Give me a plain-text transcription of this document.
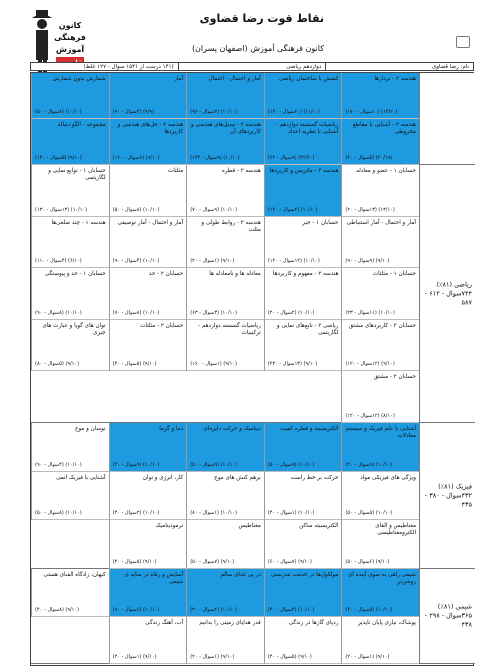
کانون
فرهنگی
آموزش
نقاط قوت رضا قضاوی
کانون فرهنگی آموزش (اصفهان پسران)
نام: رضا قضاوی
دوازدهم ریاضی
(۱۴۱ درست از ۱۵۴۱ سوال - ۱۲۷ غلط)
هندسه ۲ - بردارها
(۱۴/۲۰) (۱۰سوال - ۱۷۰)
کشش با ساختمان ریاضی
(۱۱/۱۰) (۲۰سوال - ۱۲۰)
آمار و احتمال - احتمال
(۱۰/۱۰) (۲سوال - ۹۶)
آمار
(۹/۹) (۴سوال - ۹۰)
شمارش بدون شمارش
(۱۰/۱۰) (۸سوال - ۵۰)
هندسه ۳ - آشنایی با مقاطع مخروطی
(۲۰/۱۹) (۵سوال - ۴۰)
ریاضیات گسسته دوازدهم - آشنایی با نظریه اعداد
(۳۶/۲۰) (۹سوال - ۶۴)
هندسه ۲ - تبدیل‌های هندسی و کاربردهای آن
(۱۰/۱۰) (۹سوال - ۱۴۴)
هندسه ۲ - حل‌های هندسی و کاربردها
(۹/۱۰) (۶سوال - ۱۶۰)
مجموعه - الگو دنباله
(۹/۱۰) (۵سوال - ۱۴۰)
ریاضی (۸۱٪) ۷۴۴سوال - ۶۱۲ - ۵۸۷
حسابان ۱ - عضو و معادله
(۱۳/۱۰) (۱۳سوال - ۲۰)
هندسه ۳ - ماتریس و کاربردها
(۱۰/۱۰) (۴سوال - ۱۴۰)
هندسه ۲ - قطره
(۱۰/۱۰) (۹سوال - ۷۰)
مثلثات
(۱۰/۱۰) (۸سوال - ۵۰)
حسابان ۱ - توابع نمایی و لگاریتمی
(۱۰/۱۰) (۱۳سوال - ۱۳۰)
آمار و احتمال - آمار استنباطی
(۹/۱۰) (۹سوال - ۹۰)
حسابان ۱ - جبر
(۱۰/۱۰) (۱۲سوال - ۱۲۰)
هندسه ۲ - روابط طولی و مثلث
(۹/۱۰) (۱سوال - ۲۰)
آمار و احتمال - آمار توصیفی
(۱۰/۱۰) (۴سوال - ۹۰)
هندسه ۱ - چند ضلعی‌ها
(۶/۱۰) (۴سوال - ۱۱۰)
حسابان ۱ - مثلثات
(۱۰/۱۰) (۱۱سوال - ۲۳)
هندسه ۲ - مفهوم و کاربردها
(۱۰/۱۰) (۲سوال - ۲۰)
معادله ها و نامعادله ها
(۱۰/۱۰) (۳سوال - ۶۳)
حسابان ۲ - حد
(۱۰/۱۰) (۸سوال - ۷۰)
حسابان ۱ - حد و پیوستگی
(۱۰/۱۰) (۸سوال - ۹۰)
حسابان ۲ - کاربردهای مشتق
(۹/۱۰) (۱۲سوال - ۱۲۰)
ریاضی ۲ - تابع‌های نمایی و لگاریتمی
(۹/۱۰) (۱۳سوال - ۲۳۰)
ریاضیات گسسته دوازدهم - ترکیبیات
(۹/۱۰) (۱سوال - ۱۶۰)
حسابان ۲ - مثلثات
(۹/۱۰) (۵سوال - ۴۰)
توان های گویا و عبارت های جبری
(۹/۱۰) (۵سوال - ۸۰)
حسابان ۲ - مشتق
(۸/۱۰) (۱۲سوال - ۱۲۰)
فیزیک (۸۱٪) ۴۳۲سوال - ۳۸۰ - ۴۳۵
آشنایی با علم فیزیک و سیستم معادلات
(۱۰/۱۰) (۹سوال - ۴۰)
الکتریسیته و قطره کمیت
(۱۰/۱۰) (۹سوال - ۵۰)
دینامیک و حرکت دایره‌ای
(۱۰/۱۰) (۹سوال - ۵۰)
دما و گرما
(۱۰/۱۰) (۹سوال - ۴۰)
نوسان و موج
(۱۰/۱۰) (۴سوال - ۹۰)
ویژگی های فیزیکی مواد
(۱۰/۱۰) (۵سوال - ۵۰)
حرکت بر خط راست
(۱۰/۱۰) (۱سوال - ۴۰)
برهم کنش های موج
(۱۰/۱۰) (۱سوال - ۸۰)
کار، انرژی و توان
(۱۰/۱۰) (۲سوال - ۴۰)
آشنایی با فیزیک اتمی
(۱۰/۱۰) (۸سوال - ۵۰)
مغناطیس و القای الکترومغناطیسی
(۹/۱۰) (۶سوال - ۵۰)
الکتریسیته ساکن
(۹/۱۰) (۷سوال - ۶۰)
مغناطیس
(۹/۱۰) (۷سوال - ۵۰)
ترمودینامیک
(۹/۱۰) (۵سوال - ۴۰)
شیمی (۸۱٪) ۳۶۵سوال - ۲۹۸ - ۴۳۸
شیمی راهی به سوی آینده ای روشن‌تر
(۱۰/۱۰) (۵سوال - ۴۰)
مولکول‌ها در خدمت تندرستی
(۱۰/۱۰) (۲سوال - ۴۰)
در پی غذای سالم
(۱۰/۱۰) (۴سوال - ۳۰)
آسایش و رفاه در سایه ی شیمی
(۱۰/۱۰) (۶سوال - ۹۰)
کیهان، زادگاه الفبای هستی
(۹/۱۰) (۸سوال - ۴۰)
پوشاک، نیازی پایان ناپذیر
(۹/۱۰) (۱سوال - ۲۰)
ردپای گازها در زندگی
(۹/۱۰) (۵سوال - ۴۰)
قدر هدایای زمینی را بدانیم
(۹/۱۰) (۱سوال - ۲۰)
آب، آهنگ زندگی
(۹/۱۰) (۱سوال - ۲۰)
